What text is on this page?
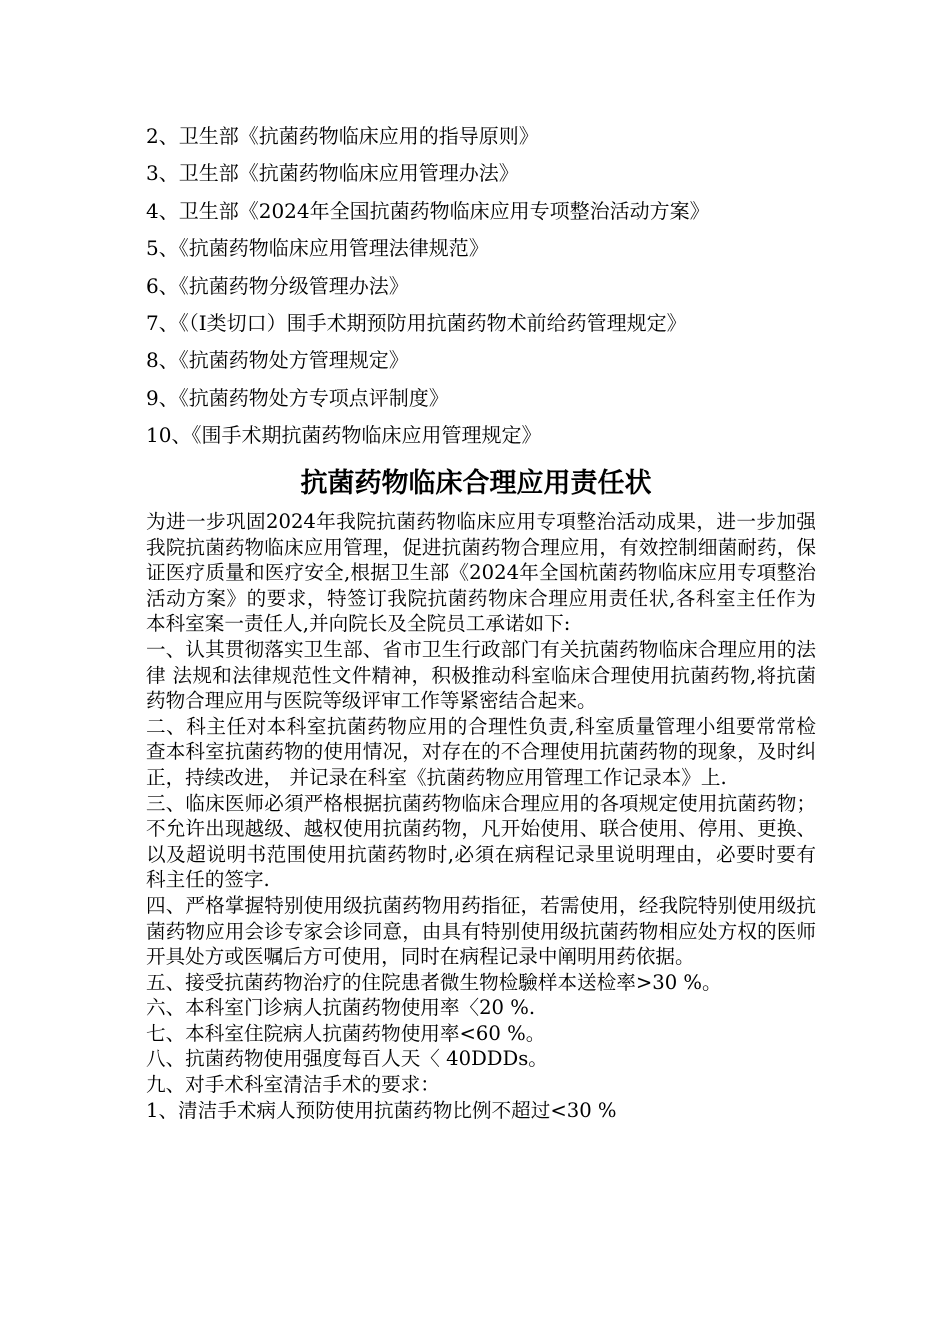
2、卫生部《抗菌药物临床应用的指导原则》
3、卫生部《抗菌药物临床应用管理办法》
4、卫生部《2024年全国抗菌药物临床应用专项整治活动方案》
5、《抗菌药物临床应用管理法律规范》
6、《抗菌药物分级管理办法》
7、《（I类切口）围手术期预防用抗菌药物术前给药管理规定》
8、《抗菌药物处方管理规定》
9、《抗菌药物处方专项点评制度》
10、《围手术期抗菌药物临床应用管理规定》
抗菌药物临床合理应用责任状

为进一步巩固2024年我院抗菌药物临床应用专項整治活动成果，进一步加强我院抗菌药物临床应用管理，促进抗菌药物合理应用，有效控制细菌耐药，保证医疗质量和医疗安全,根据卫生部《2024年全国杭菌药物临床应用专項整治活动方案》的要求，特签订我院抗菌药物床合理应用责任状,各科室主任作为本科室案一责任人,并向院长及全院员工承诺如下:

一、认其贯彻落实卫生部、省市卫生行政部门有关抗菌药物临床合理应用的法律 法规和法律规范性文件精神，积极推动科室临床合理使用抗菌药物,将抗菌药物合理应用与医院等级评审工作等紧密结合起来。

二、科主任对本科室抗菌药物应用的合理性负责,科室质量管理小组要常常检查本科室抗菌药物的使用情况，对存在的不合理使用抗菌药物的现象，及时纠正，持续改进， 并记录在科室《抗菌药物应用管理工作记录本》上.

三、临床医师必須严格根据抗菌药物临床合理应用的各項规定使用抗菌药物；不允许出现越级、越权使用抗菌药物，凡开始使用、联合使用、停用、更换、以及超说明书范围使用抗菌药物时,必須在病程记录里说明理由，必要时要有科主任的签字.

四、严格掌握特别使用级抗菌药物用药指征，若需使用，经我院特别使用级抗菌药物应用会诊专家会诊同意，由具有特别使用级抗菌药物相应处方权的医师开具处方或医嘱后方可使用，同时在病程记录中阐明用药依据。

五、接受抗菌药物治疗的住院患者微生物检驗样本送检率>30 %。

六、本科室门诊病人抗菌药物使用率〈20 %.

七、本科室住院病人抗菌药物使用率<60 %。

八、抗菌药物使用强度每百人天〈 40DDDs。

九、对手术科室清洁手术的要求：

1、清洁手术病人预防使用抗菌药物比例不超过<30 %
